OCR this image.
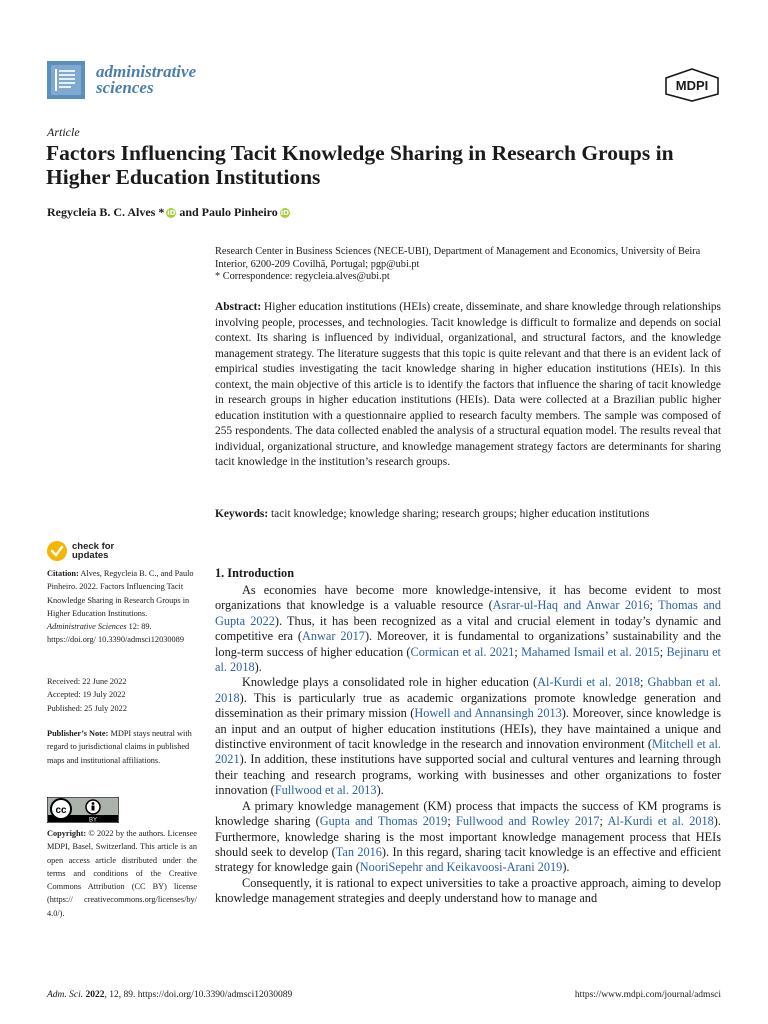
administrative
sciences	MDPI
Article
Factors Influencing Tacit Knowledge Sharing in Research Groups in Higher Education Institutions
Regycleia B. C. Alves * iD and Paulo Pinheiro iD
Research Center in Business Sciences (NECE-UBI), Department of Management and Economics, University of Beira Interior, 6200-209 Covilhã, Portugal; pgp@ubi.pt
* Correspondence: regycleia.alves@ubi.pt
Abstract: Higher education institutions (HEIs) create, disseminate, and share knowledge through relationships involving people, processes, and technologies. Tacit knowledge is difficult to formalize and depends on social context. Its sharing is influenced by individual, organizational, and structural factors, and the knowledge management strategy. The literature suggests that this topic is quite relevant and that there is an evident lack of empirical studies investigating the tacit knowledge sharing in higher education institutions (HEIs). In this context, the main objective of this article is to identify the factors that influence the sharing of tacit knowledge in research groups in higher education institutions (HEIs). Data were collected at a Brazilian public higher education institution with a questionnaire applied to research faculty members. The sample was composed of 255 respondents. The data collected enabled the analysis of a structural equation model. The results reveal that individual, organizational structure, and knowledge management strategy factors are determinants for sharing tacit knowledge in the institution’s research groups.
Keywords: tacit knowledge; knowledge sharing; research groups; higher education institutions
check for
updates
Citation: Alves, Regycleia B. C., and Paulo Pinheiro. 2022. Factors Influencing Tacit Knowledge Sharing in Research Groups in Higher Education Institutions. Administrative Sciences 12: 89. https://doi.org/ 10.3390/admsci12030089
Received: 22 June 2022
Accepted: 19 July 2022
Published: 25 July 2022
Publisher’s Note: MDPI stays neutral with regard to jurisdictional claims in published maps and institutional affiliations.
cc
BY
Copyright: © 2022 by the authors. Licensee MDPI, Basel, Switzerland. This article is an open access article distributed under the terms and conditions of the Creative Commons Attribution (CC BY) license (https:// creativecommons.org/licenses/by/ 4.0/).
1. Introduction

As economies have become more knowledge-intensive, it has become evident to most organizations that knowledge is a valuable resource (Asrar-ul-Haq and Anwar 2016; Thomas and Gupta 2022). Thus, it has been recognized as a vital and crucial element in today’s dynamic and competitive era (Anwar 2017). Moreover, it is fundamental to organizations’ sustainability and the long-term success of higher education (Cormican et al. 2021; Mahamed Ismail et al. 2015; Bejinaru et al. 2018).

Knowledge plays a consolidated role in higher education (Al-Kurdi et al. 2018; Ghabban et al. 2018). This is particularly true as academic organizations promote knowledge generation and dissemination as their primary mission (Howell and Annansingh 2013). Moreover, since knowledge is an input and an output of higher education institutions (HEIs), they have maintained a unique and distinctive environment of tacit knowledge in the research and innovation environment (Mitchell et al. 2021). In addition, these institutions have supported social and cultural ventures and learning through their teaching and research programs, working with businesses and other organizations to foster innovation (Fullwood et al. 2013).

A primary knowledge management (KM) process that impacts the success of KM programs is knowledge sharing (Gupta and Thomas 2019; Fullwood and Rowley 2017; Al-Kurdi et al. 2018). Furthermore, knowledge sharing is the most important knowledge management process that HEIs should seek to develop (Tan 2016). In this regard, sharing tacit knowledge is an effective and efficient strategy for knowledge gain (NooriSepehr and Keikavoosi-Arani 2019).

Consequently, it is rational to expect universities to take a proactive approach, aiming to develop knowledge management strategies and deeply understand how to manage and

Adm. Sci. 2022, 12, 89. https://doi.org/10.3390/admsci12030089	https://www.mdpi.com/journal/admsci
